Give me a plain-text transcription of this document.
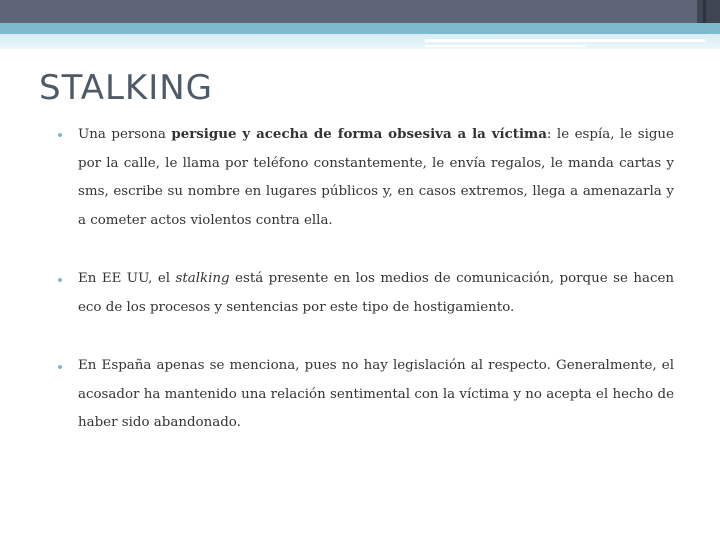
STALKING
Una persona persigue y acecha de forma obsesiva a la víctima: le espía, le sigue por la calle, le llama por teléfono constantemente, le envía regalos, le manda cartas y sms, escribe su nombre en lugares públicos y, en casos extremos, llega a amenazarla y a cometer actos violentos contra ella.
En EE UU, el stalking está presente en los medios de comunicación, porque se hacen eco de los procesos y sentencias por este tipo de hostigamiento.
En España apenas se menciona, pues no hay legislación al respecto. Generalmente, el acosador ha mantenido una relación sentimental con la víctima y no acepta el hecho de haber sido abandonado.
